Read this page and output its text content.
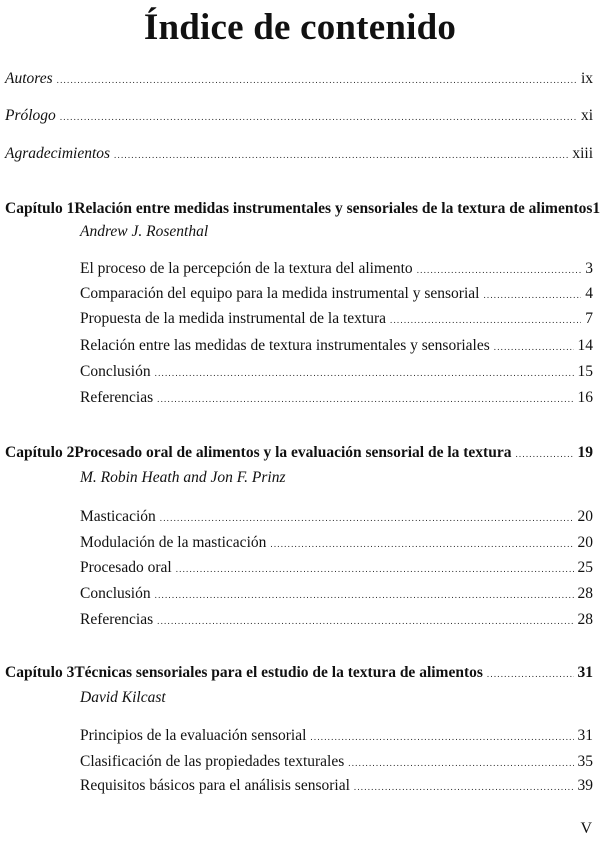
Índice de contenido
Autores .....	ix
Prólogo .....	xi
Agradecimientos .....	xiii
Capítulo 1 Relación entre medidas instrumentales y sensoriales de la textura de alimentos 1
Andrew J. Rosenthal
El proceso de la percepción de la textura del alimento .....	3
Comparación del equipo para la medida instrumental y sensorial .....	4
Propuesta de la medida instrumental de la textura .....	7
Relación entre las medidas de textura instrumentales y sensoriales .....	14
Conclusión .....	15
Referencias .....	16
Capítulo 2 Procesado oral de alimentos y la evaluación sensorial de la textura .....	19
M. Robin Heath and Jon F. Prinz
Masticación .....	20
Modulación de la masticación .....	20
Procesado oral .....	25
Conclusión .....	28
Referencias .....	28
Capítulo 3 Técnicas sensoriales para el estudio de la textura de alimentos .....	31
David Kilcast
Principios de la evaluación sensorial .....	31
Clasificación de las propiedades texturales .....	35
Requisitos básicos para el análisis sensorial .....	39
V
